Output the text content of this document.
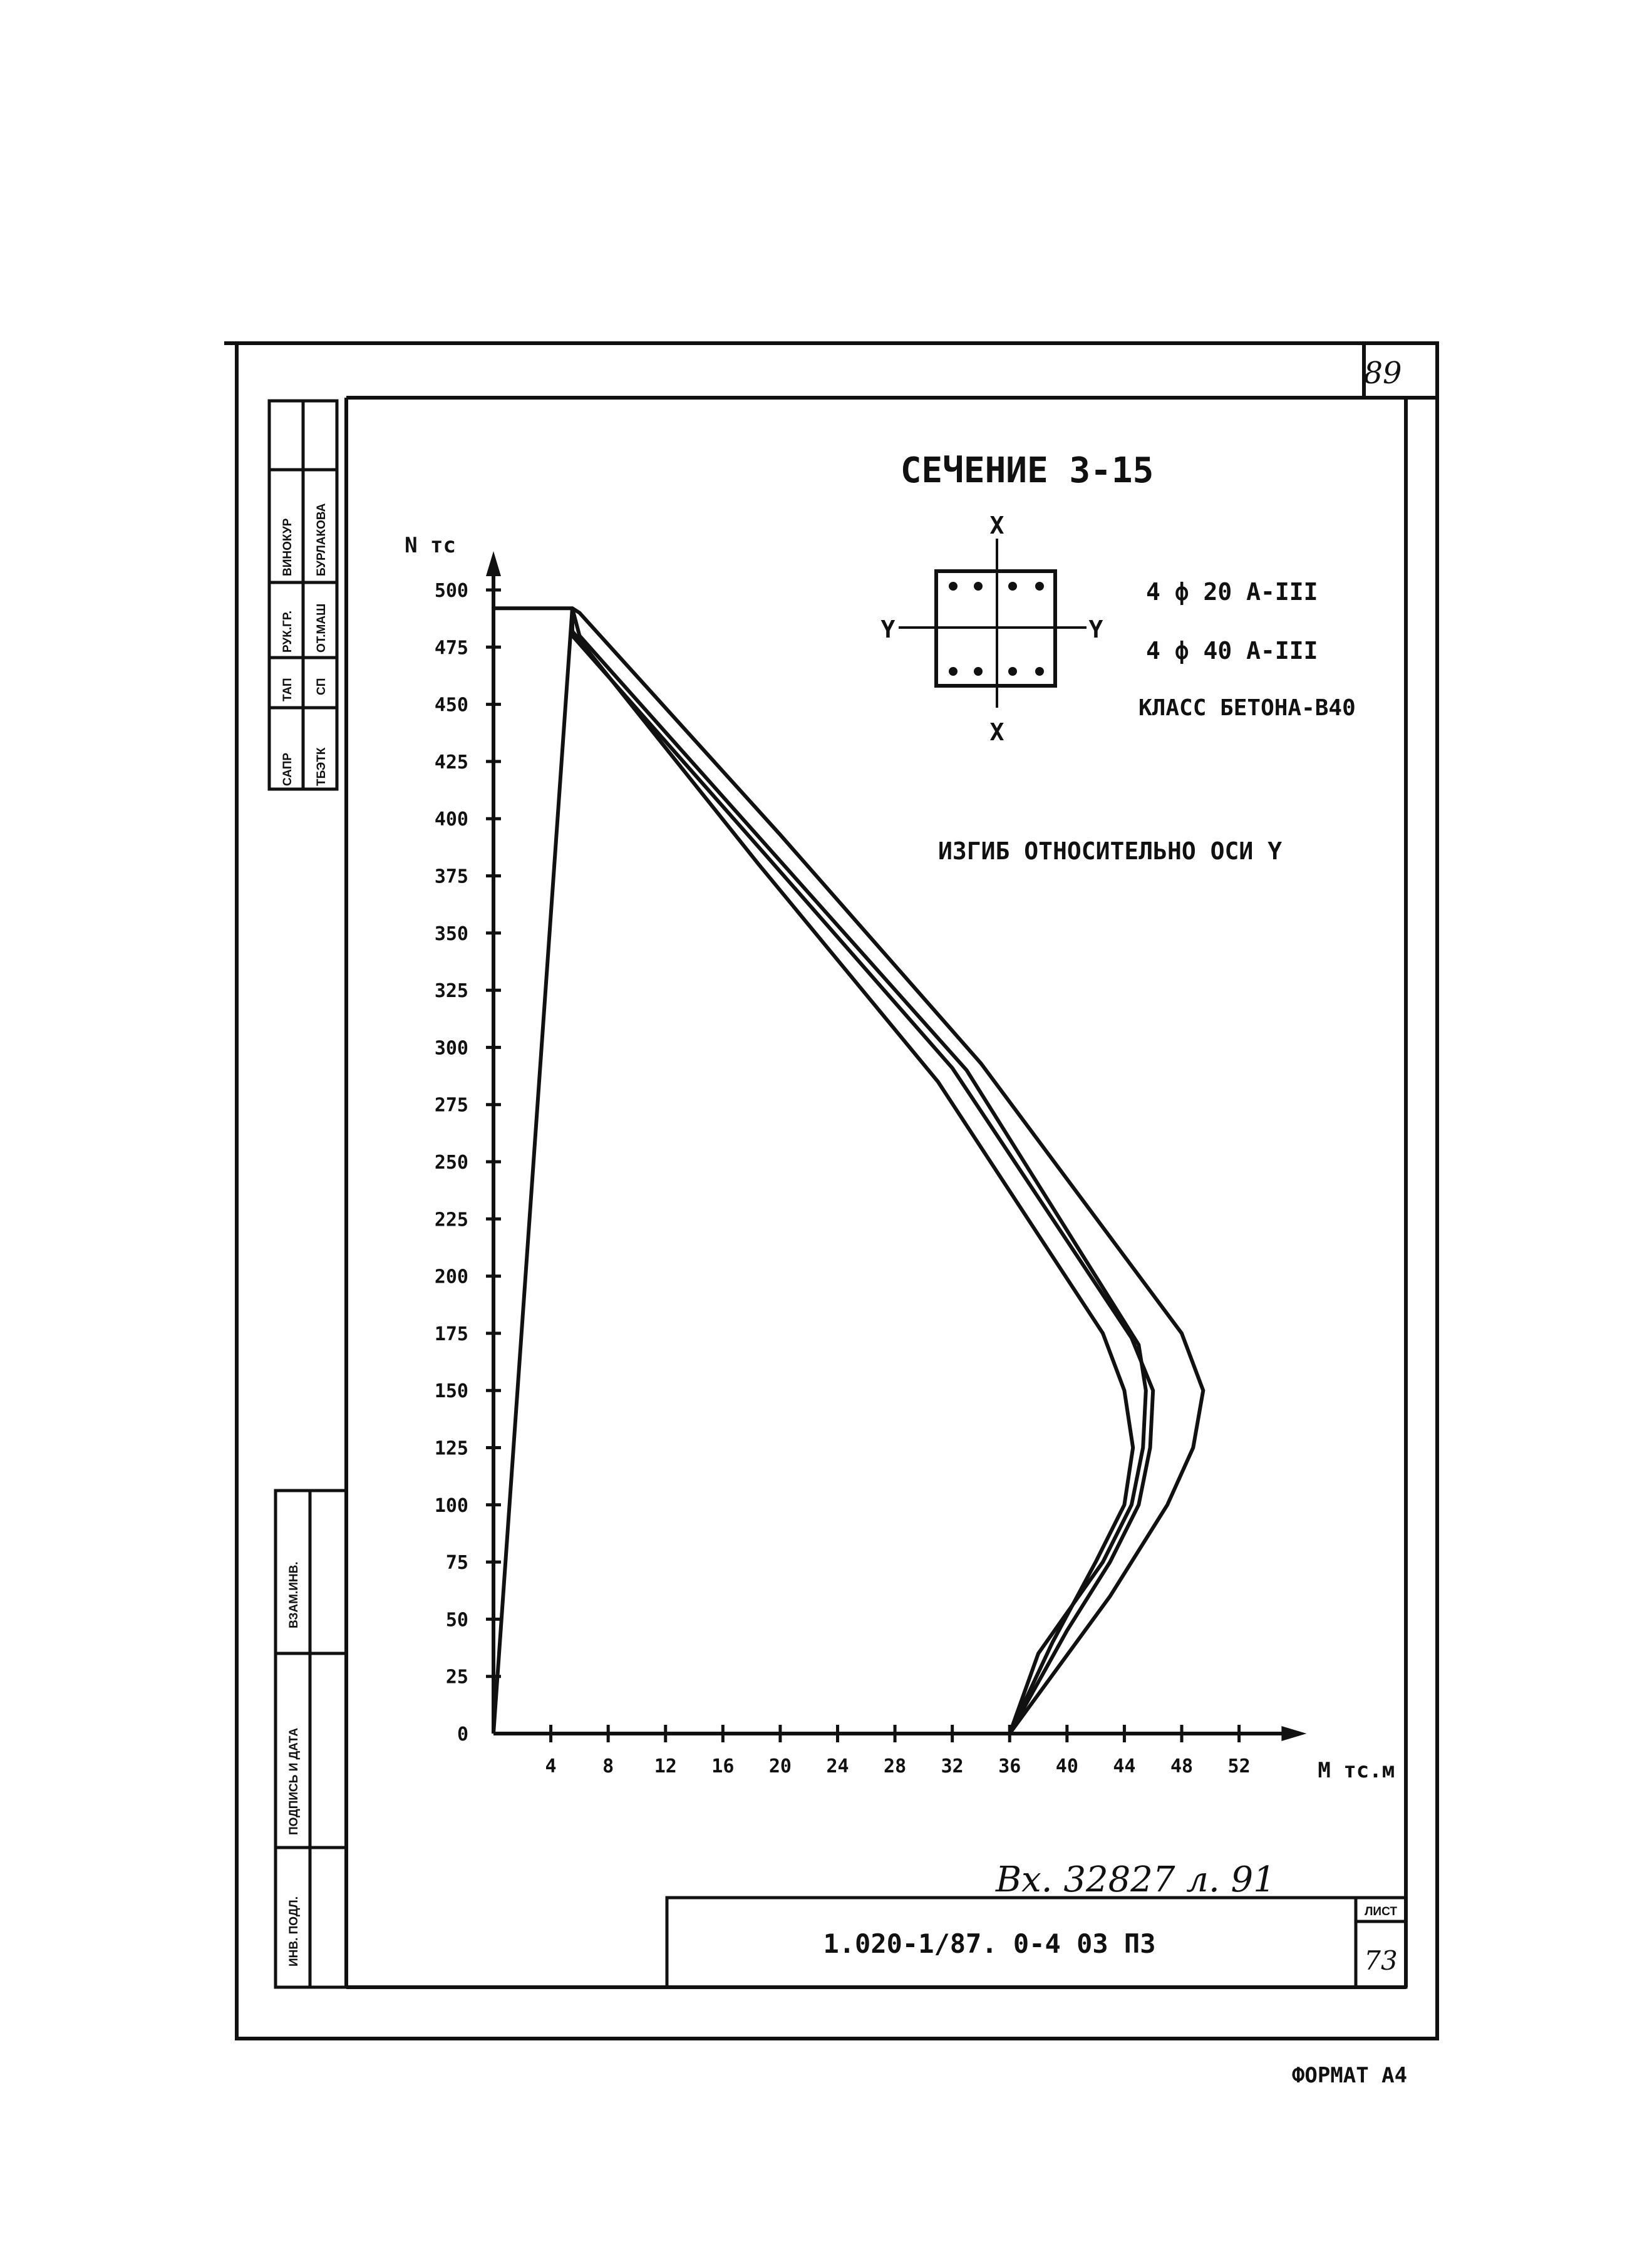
89
САПР
ТАП
РУК.ГР.
ВИНОКУР
ТБЭТК
СП
ОТ.МАШ
БУРЛАКОВА
ВЗАМ.ИНВ.
ПОДПИСЬ И ДАТА
ИНВ. ПОДЛ.	1.020-1/87. 0-4 03 ПЗ
ЛИСТ
73
Вх. 32827 л. 91
ФОРМАТ А4
СЕЧЕНИЕ 3-15
X
X
Y	Y
4 ф 20 А-III
4 ф 40 А-III
КЛАСС БЕТОНА-В40
ИЗГИБ ОТНОСИТЕЛЬНО ОСИ Y
0
25
50
75
100
125
150
175
200
225
250
275
300
325
350
375
400
425
450
475
500
4 8 12 16 20 24 28 32 36 40 44 48 52
N тс
М тс.м
